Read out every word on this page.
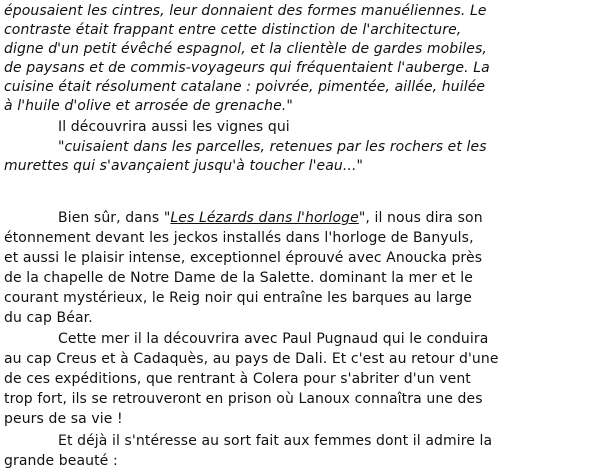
épousaient les cintres, leur donnaient des formes manuéliennes. Le
contraste était frappant entre cette distinction de l'architecture,
digne d'un petit évêché espagnol, et la clientèle de gardes mobiles,
de paysans et de commis-voyageurs qui fréquentaient l'auberge. La
cuisine était résolument catalane : poivrée, pimentée, aillée, huilée
à l'huile d'olive et arrosée de grenache."
Il découvrira aussi les vignes qui
"cuisaient dans les parcelles, retenues par les rochers et les
murettes qui s'avançaient jusqu'à toucher l'eau..."
Bien sûr, dans "Les Lézards dans l'horloge", il nous dira son
étonnement devant les jeckos installés dans l'horloge de Banyuls,
et aussi le plaisir intense, exceptionnel éprouvé avec Anoucka près
de la chapelle de Notre Dame de la Salette. dominant la mer et le
courant mystérieux, le Reig noir qui entraîne les barques au large
du cap Béar.
Cette mer il la découvrira avec Paul Pugnaud qui le conduira
au cap Creus et à Cadaquès, au pays de Dali. Et c'est au retour d'une
de ces expéditions, que rentrant à Colera pour s'abriter d'un vent
trop fort, ils se retrouveront en prison où Lanoux connaîtra une des
peurs de sa vie !
Et déjà il s'ntéresse au sort fait aux femmes dont il admire la
grande beauté :
